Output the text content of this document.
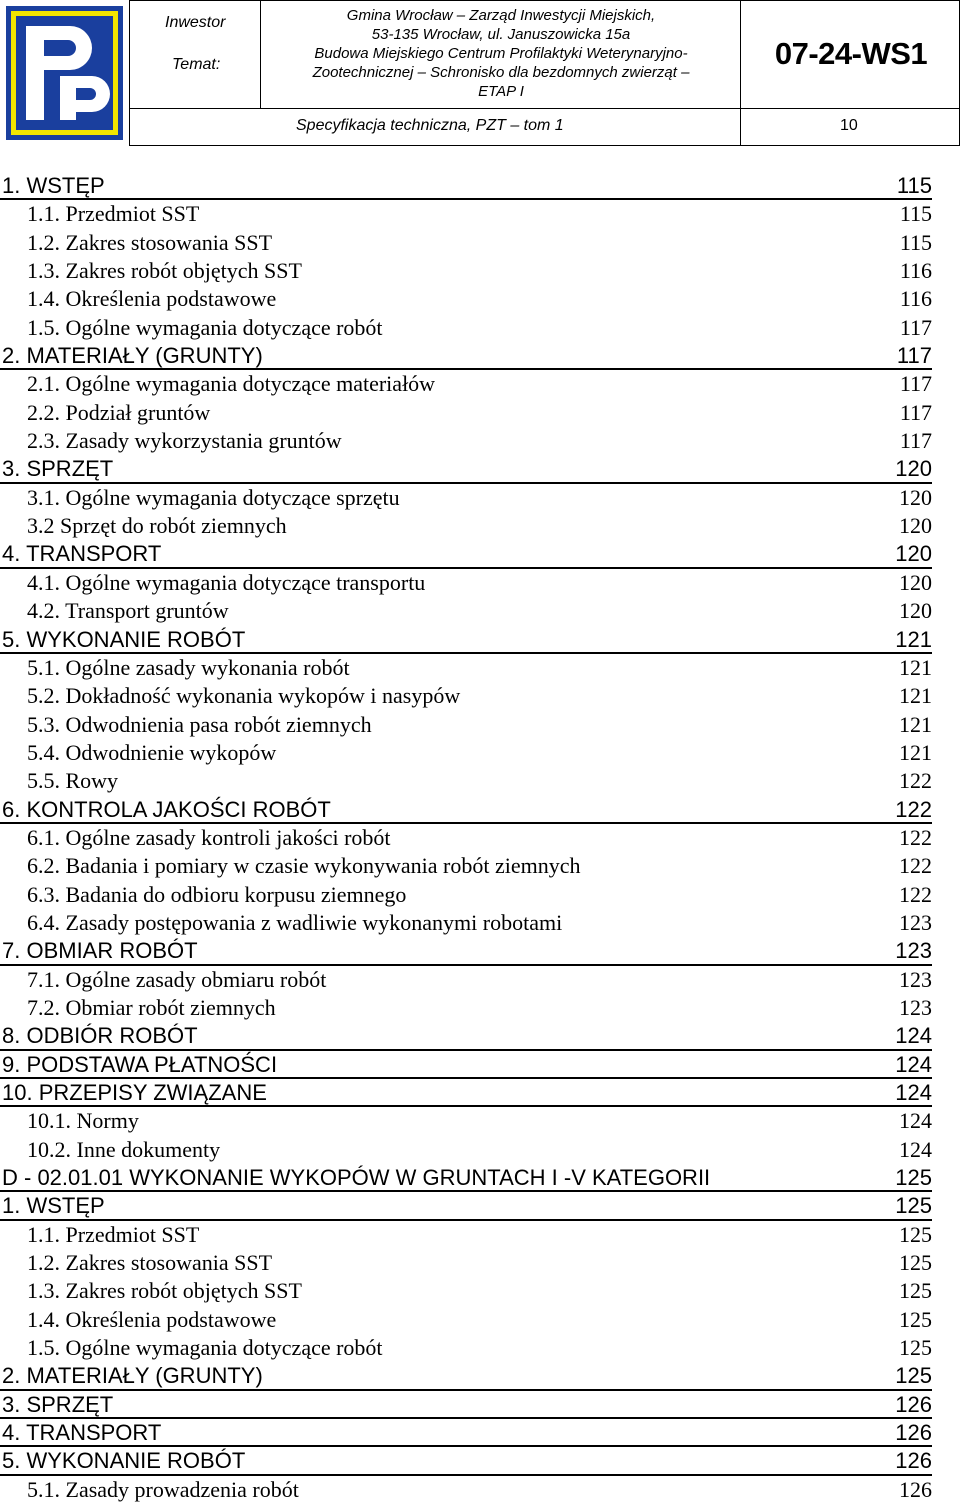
Inwestor
Temat:
Gmina Wrocław – Zarząd Inwestycji Miejskich,
53-135 Wrocław, ul. Januszowicka 15a
Budowa Miejskiego Centrum Profilaktyki Weterynaryjno-
Zootechnicznej – Schronisko dla bezdomnych zwierząt –
ETAP I
07-24-WS1
Specyfikacja techniczna, PZT – tom 1	10
1. WSTĘP	115
1.1. Przedmiot SST	115
1.2. Zakres stosowania SST	115
1.3. Zakres robót objętych SST	116
1.4. Określenia podstawowe	116
1.5. Ogólne wymagania dotyczące robót	117
2. MATERIAŁY (GRUNTY)	117
2.1. Ogólne wymagania dotyczące materiałów	117
2.2. Podział gruntów	117
2.3. Zasady wykorzystania gruntów	117
3. SPRZĘT	120
3.1. Ogólne wymagania dotyczące sprzętu	120
3.2 Sprzęt do robót ziemnych	120
4. TRANSPORT	120
4.1. Ogólne wymagania dotyczące transportu	120
4.2. Transport gruntów	120
5. WYKONANIE ROBÓT	121
5.1. Ogólne zasady wykonania robót	121
5.2. Dokładność wykonania wykopów i nasypów	121
5.3. Odwodnienia pasa robót ziemnych	121
5.4. Odwodnienie wykopów	121
5.5. Rowy	122
6. KONTROLA JAKOŚCI ROBÓT	122
6.1. Ogólne zasady kontroli jakości robót	122
6.2. Badania i pomiary w czasie wykonywania robót ziemnych	122
6.3. Badania do odbioru korpusu ziemnego	122
6.4. Zasady postępowania z wadliwie wykonanymi robotami	123
7. OBMIAR ROBÓT	123
7.1. Ogólne zasady obmiaru robót	123
7.2. Obmiar robót ziemnych	123
8. ODBIÓR ROBÓT	124
9. PODSTAWA PŁATNOŚCI	124
10. PRZEPISY ZWIĄZANE	124
10.1. Normy	124
10.2. Inne dokumenty	124
D - 02.01.01 WYKONANIE WYKOPÓW W GRUNTACH I -V KATEGORII	125
1. WSTĘP	125
1.1. Przedmiot SST	125
1.2. Zakres stosowania SST	125
1.3. Zakres robót objętych SST	125
1.4. Określenia podstawowe	125
1.5. Ogólne wymagania dotyczące robót	125
2. MATERIAŁY (GRUNTY)	125
3. SPRZĘT	126
4. TRANSPORT	126
5. WYKONANIE ROBÓT	126
5.1. Zasady prowadzenia robót	126
